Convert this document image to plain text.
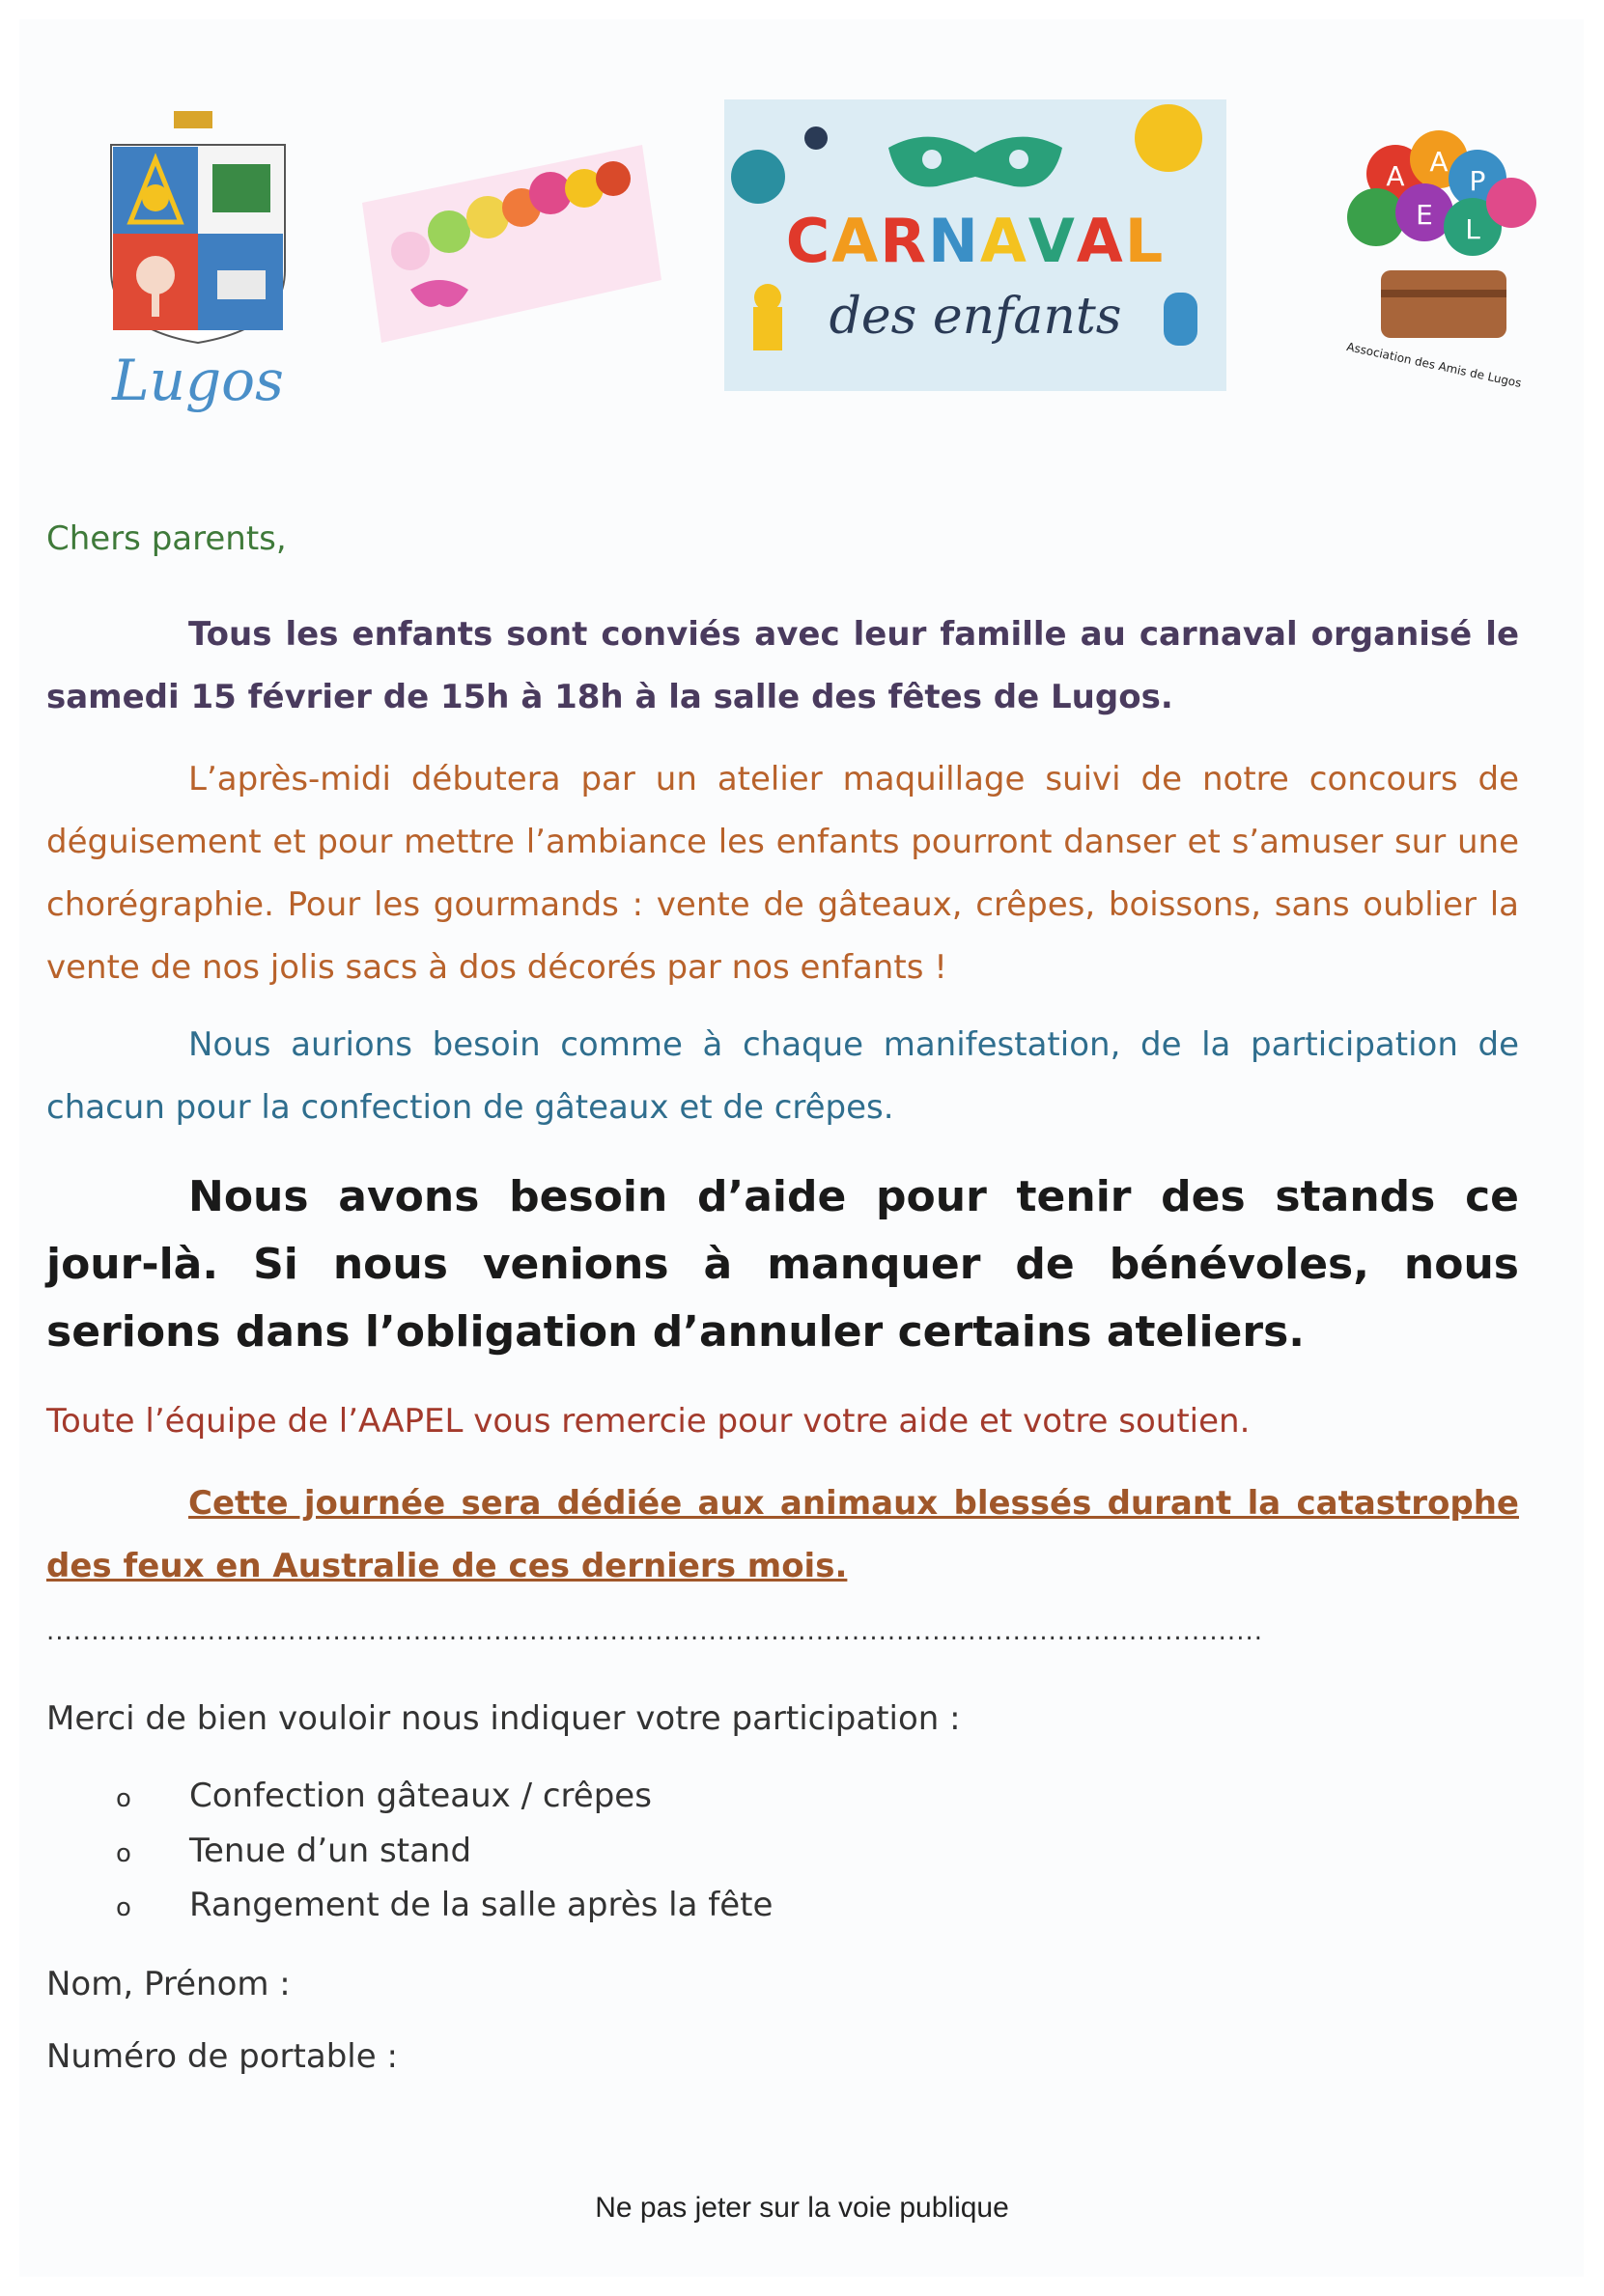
Lugos
CARNAVAL
des enfants
A A
P
E L
Association des Amis de Lugos

Chers parents,

Tous les enfants sont conviés avec leur famille au carnaval organisé le samedi 15 février de 15h à 18h à la salle des fêtes de Lugos.

L’après-midi débutera par un atelier maquillage suivi de notre concours de déguisement et pour mettre l’ambiance les enfants pourront danser et s’amuser sur une chorégraphie. Pour les gourmands : vente de gâteaux, crêpes, boissons, sans oublier la vente de nos jolis sacs à dos décorés par nos enfants !

Nous aurions besoin comme à chaque manifestation, de la participation de chacun pour la confection de gâteaux et de crêpes.

Nous avons besoin d’aide pour tenir des stands ce jour-là. Si nous venions à manquer de bénévoles, nous serions dans l’obligation d’annuler certains ateliers.

Toute l’équipe de l’AAPEL vous remercie pour votre aide et votre soutien.

Cette journée sera dédiée aux animaux blessés durant la catastrophe des feux en Australie de ces derniers mois.

........................................................................................................................................

Merci de bien vouloir nous indiquer votre participation :

o Confection gâteaux / crêpes

o Tenue d’un stand

o Rangement de la salle après la fête

Nom, Prénom :

Numéro de portable :

Ne pas jeter sur la voie publique
